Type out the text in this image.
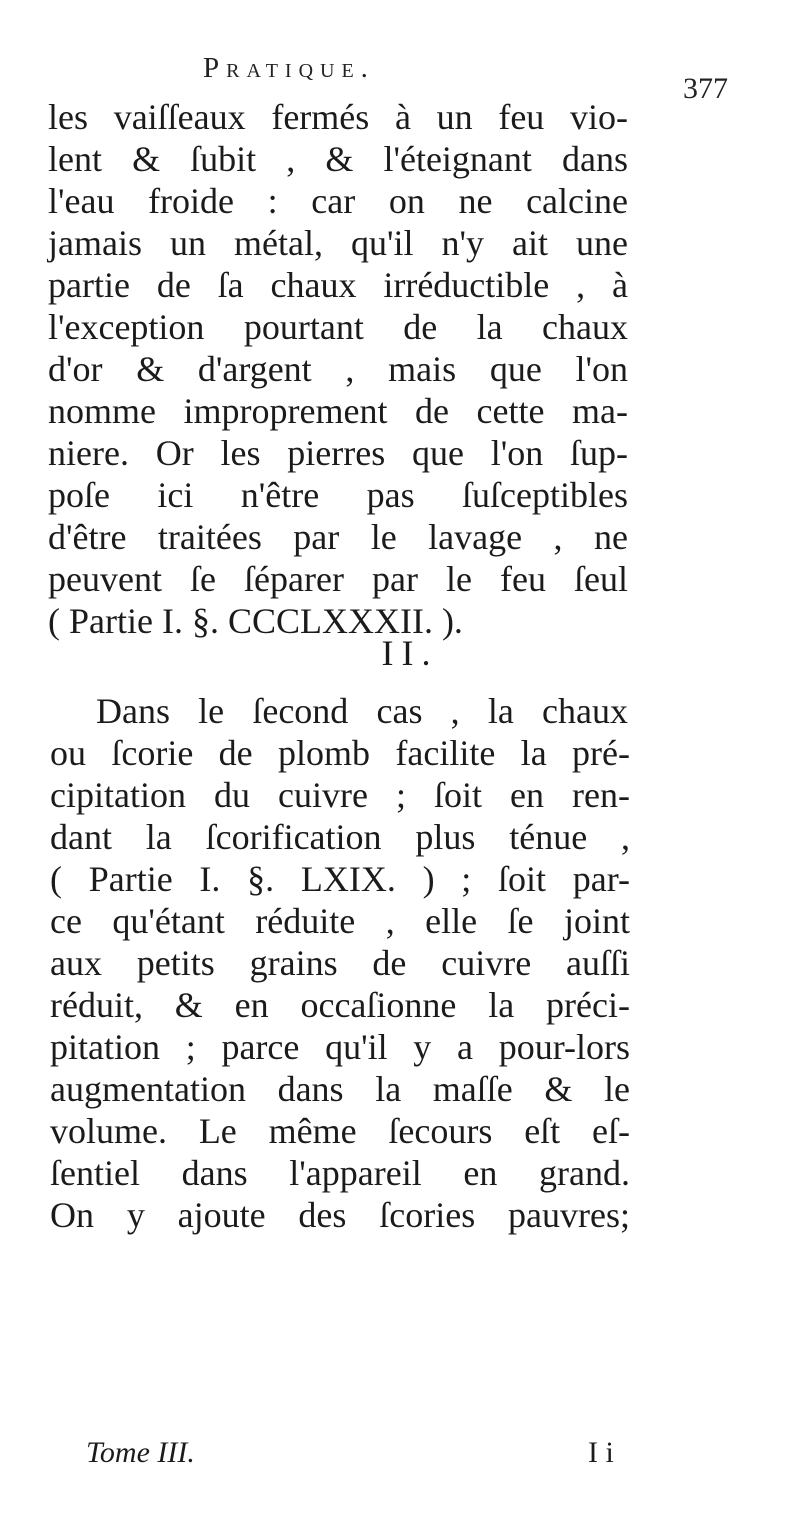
Pratique.
377
les vaiſſeaux fermés à un feu vio-
lent & ſubit , & l'éteignant dans
l'eau froide : car on ne calcine
jamais un métal, qu'il n'y ait une
partie de ſa chaux irréductible , à
l'exception pourtant de la chaux
d'or & d'argent , mais que l'on
nomme improprement de cette ma-
niere. Or les pierres que l'on ſup-
poſe ici n'être pas ſuſceptibles
d'être traitées par le lavage , ne
peuvent ſe ſéparer par le feu ſeul
( Partie I. §. CCCLXXXII. ).
II.
Dans le ſecond cas , la chaux
ou ſcorie de plomb facilite la pré-
cipitation du cuivre ; ſoit en ren-
dant la ſcorification plus ténue ,
( Partie I. §. LXIX. ) ; ſoit par-
ce qu'étant réduite , elle ſe joint
aux petits grains de cuivre auſſi
réduit, & en occaſionne la préci-
pitation ; parce qu'il y a pour-lors
augmentation dans la maſſe & le
volume. Le même ſecours eſt eſ-
ſentiel dans l'appareil en grand.
On y ajoute des ſcories pauvres;
Tome III.	I i
